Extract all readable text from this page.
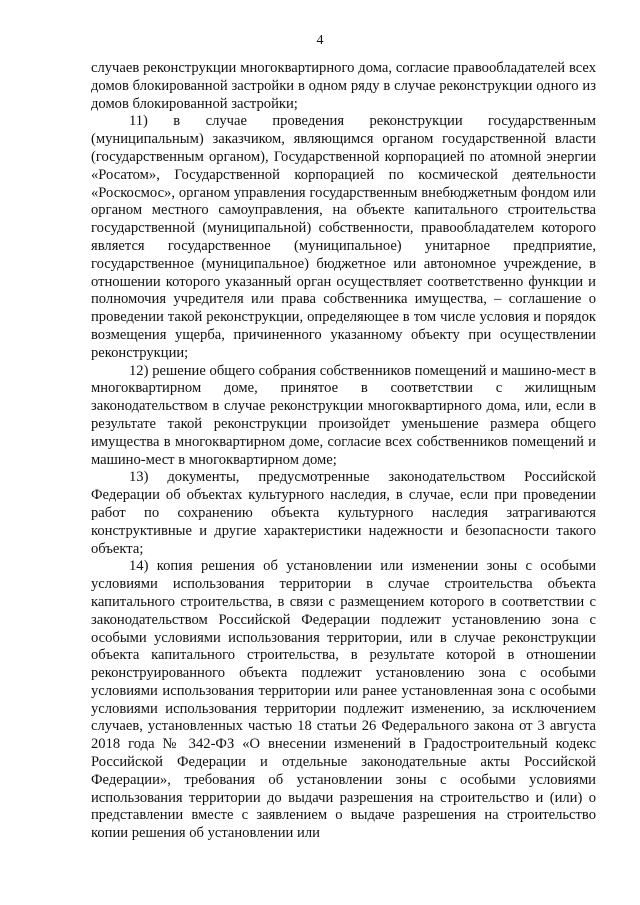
4

случаев реконструкции многоквартирного дома, согласие правообладателей всех домов блокированной застройки в одном ряду в случае реконструкции одного из домов блокированной застройки;

11) в случае проведения реконструкции государственным (муниципальным) заказчиком, являющимся органом государственной власти (государственным органом), Государственной корпорацией по атомной энергии «Росатом», Государственной корпорацией по космической деятельности «Роскосмос», органом управления государственным внебюджетным фондом или органом местного самоуправления, на объекте капитального строительства государственной (муниципальной) собственности, правообладателем которого является государственное (муниципальное) унитарное предприятие, государственное (муниципальное) бюджетное или автономное учреждение, в отношении которого указанный орган осуществляет соответственно функции и полномочия учредителя или права собственника имущества, – соглашение о проведении такой реконструкции, определяющее в том числе условия и порядок возмещения ущерба, причиненного указанному объекту при осуществлении реконструкции;

12) решение общего собрания собственников помещений и машино-мест в многоквартирном доме, принятое в соответствии с жилищным законодательством в случае реконструкции многоквартирного дома, или, если в результате такой реконструкции произойдет уменьшение размера общего имущества в многоквартирном доме, согласие всех собственников помещений и машино-мест в многоквартирном доме;

13) документы, предусмотренные законодательством Российской Федерации об объектах культурного наследия, в случае, если при проведении работ по сохранению объекта культурного наследия затрагиваются конструктивные и другие характеристики надежности и безопасности такого объекта;

14) копия решения об установлении или изменении зоны с особыми условиями использования территории в случае строительства объекта капитального строительства, в связи с размещением которого в соответствии с законодательством Российской Федерации подлежит установлению зона с особыми условиями использования территории, или в случае реконструкции объекта капитального строительства, в результате которой в отношении реконструированного объекта подлежит установлению зона с особыми условиями использования территории или ранее установленная зона с особыми условиями использования территории подлежит изменению, за исключением случаев, установленных частью 18 статьи 26 Федерального закона от 3 августа 2018 года № 342-ФЗ «О внесении изменений в Градостроительный кодекс Российской Федерации и отдельные законодательные акты Российской Федерации», требования об установлении зоны с особыми условиями использования территории до выдачи разрешения на строительство и (или) о представлении вместе с заявлением о выдаче разрешения на строительство копии решения об установлении или
